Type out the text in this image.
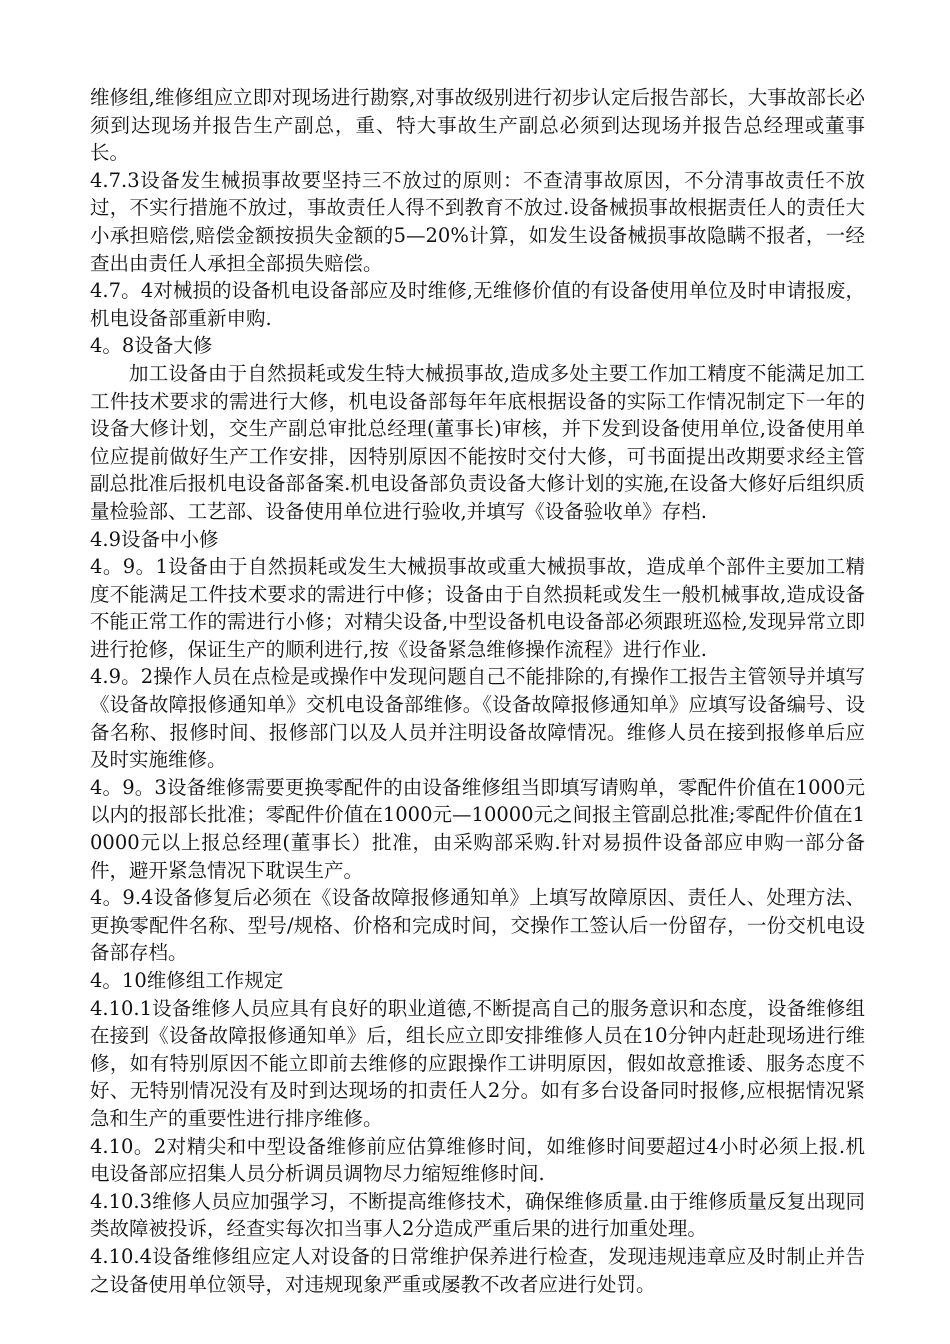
维修组,维修组应立即对现场进行勘察,对事故级别进行初步认定后报告部长，大事故部长必须到达现场并报告生产副总，重、特大事故生产副总必须到达现场并报告总经理或董事长。

4.7.3设备发生械损事故要坚持三不放过的原则：不查清事故原因，不分清事故责任不放过，不实行措施不放过，事故责任人得不到教育不放过.设备械损事故根据责任人的责任大小承担赔偿,赔偿金额按损失金额的5—20%计算，如发生设备械损事故隐瞒不报者，一经查出由责任人承担全部损失赔偿。

4.7。4对械损的设备机电设备部应及时维修,无维修价值的有设备使用单位及时申请报废，机电设备部重新申购.

4。8设备大修

加工设备由于自然损耗或发生特大械损事故,造成多处主要工作加工精度不能满足加工工件技术要求的需进行大修，机电设备部每年年底根据设备的实际工作情况制定下一年的设备大修计划，交生产副总审批总经理(董事长)审核，并下发到设备使用单位,设备使用单位应提前做好生产工作安排，因特别原因不能按时交付大修，可书面提出改期要求经主管副总批准后报机电设备部备案.机电设备部负责设备大修计划的实施,在设备大修好后组织质量检验部、工艺部、设备使用单位进行验收,并填写《设备验收单》存档.

4.9设备中小修

4。9。1设备由于自然损耗或发生大械损事故或重大械损事故，造成单个部件主要加工精度不能满足工件技术要求的需进行中修；设备由于自然损耗或发生一般机械事故,造成设备不能正常工作的需进行小修；对精尖设备,中型设备机电设备部必须跟班巡检,发现异常立即进行抢修，保证生产的顺利进行,按《设备紧急维修操作流程》进行作业.

4.9。2操作人员在点检是或操作中发现问题自己不能排除的,有操作工报告主管领导并填写《设备故障报修通知单》交机电设备部维修。《设备故障报修通知单》应填写设备编号、设备名称、报修时间、报修部门以及人员并注明设备故障情况。维修人员在接到报修单后应及时实施维修。

4。9。3设备维修需要更换零配件的由设备维修组当即填写请购单，零配件价值在1000元以内的报部长批准；零配件价值在1000元—10000元之间报主管副总批准;零配件价值在10000元以上报总经理(董事长）批准，由采购部采购.针对易损件设备部应申购一部分备件，避开紧急情况下耽误生产。

4。9.4设备修复后必须在《设备故障报修通知单》上填写故障原因、责任人、处理方法、更换零配件名称、型号/规格、价格和完成时间，交操作工签认后一份留存，一份交机电设备部存档。

4。10维修组工作规定

4.10.1设备维修人员应具有良好的职业道德,不断提高自己的服务意识和态度，设备维修组在接到《设备故障报修通知单》后，组长应立即安排维修人员在10分钟内赶赴现场进行维修，如有特别原因不能立即前去维修的应跟操作工讲明原因，假如故意推诿、服务态度不好、无特别情况没有及时到达现场的扣责任人2分。如有多台设备同时报修,应根据情况紧急和生产的重要性进行排序维修。

4.10。2对精尖和中型设备维修前应估算维修时间，如维修时间要超过4小时必须上报.机电设备部应招集人员分析调员调物尽力缩短维修时间.

4.10.3维修人员应加强学习，不断提高维修技术，确保维修质量.由于维修质量反复出现同类故障被投诉，经查实每次扣当事人2分造成严重后果的进行加重处理。

4.10.4设备维修组应定人对设备的日常维护保养进行检查，发现违规违章应及时制止并告之设备使用单位领导，对违规现象严重或屡教不改者应进行处罚。
